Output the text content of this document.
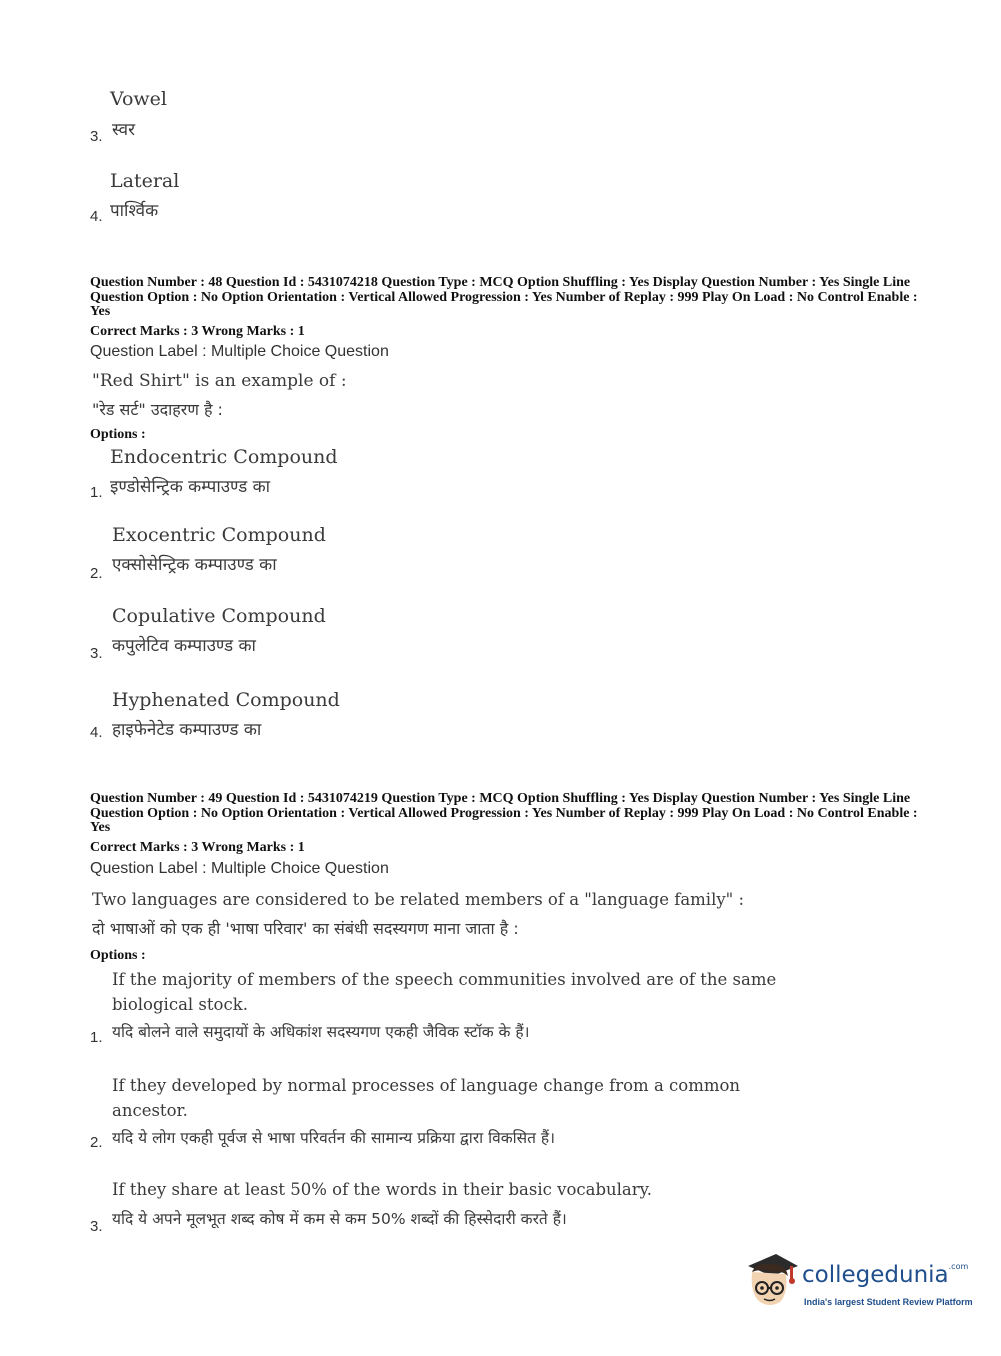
Vowel
स्वर
3.
Lateral
पार्श्विक
4.
Question Number : 48 Question Id : 5431074218 Question Type : MCQ Option Shuffling : Yes Display Question Number : Yes Single Line Question Option : No Option Orientation : Vertical Allowed Progression : Yes Number of Replay : 999 Play On Load : No Control Enable : Yes
Correct Marks : 3 Wrong Marks : 1
Question Label : Multiple Choice Question
"Red Shirt" is an example of :
"रेड सर्ट" उदाहरण है :
Options :
Endocentric Compound
इण्डोसेन्ट्रिक कम्पाउण्ड का
1.
Exocentric Compound
एक्सोसेन्ट्रिक कम्पाउण्ड का
2.
Copulative Compound
कपुलेटिव कम्पाउण्ड का
3.
Hyphenated Compound
हाइफेनेटेड कम्पाउण्ड का
4.
Question Number : 49 Question Id : 5431074219 Question Type : MCQ Option Shuffling : Yes Display Question Number : Yes Single Line Question Option : No Option Orientation : Vertical Allowed Progression : Yes Number of Replay : 999 Play On Load : No Control Enable : Yes
Correct Marks : 3 Wrong Marks : 1
Question Label : Multiple Choice Question
Two languages are considered to be related members of a "language family" :
दो भाषाओं को एक ही 'भाषा परिवार' का संबंधी सदस्यगण माना जाता है :
Options :
If the majority of members of the speech communities involved are of the same biological stock.
यदि बोलने वाले समुदायों के अधिकांश सदस्यगण एकही जैविक स्टॉक के हैं।
1.
If they developed by normal processes of language change from a common ancestor.
यदि ये लोग एकही पूर्वज से भाषा परिवर्तन की सामान्य प्रक्रिया द्वारा विकसित हैं।
2.
If they share at least 50% of the words in their basic vocabulary.
यदि ये अपने मूलभूत शब्द कोष में कम से कम 50% शब्दों की हिस्सेदारी करते हैं।
3.
collegedunia$^{.com}$
India's largest Student Review Platform
